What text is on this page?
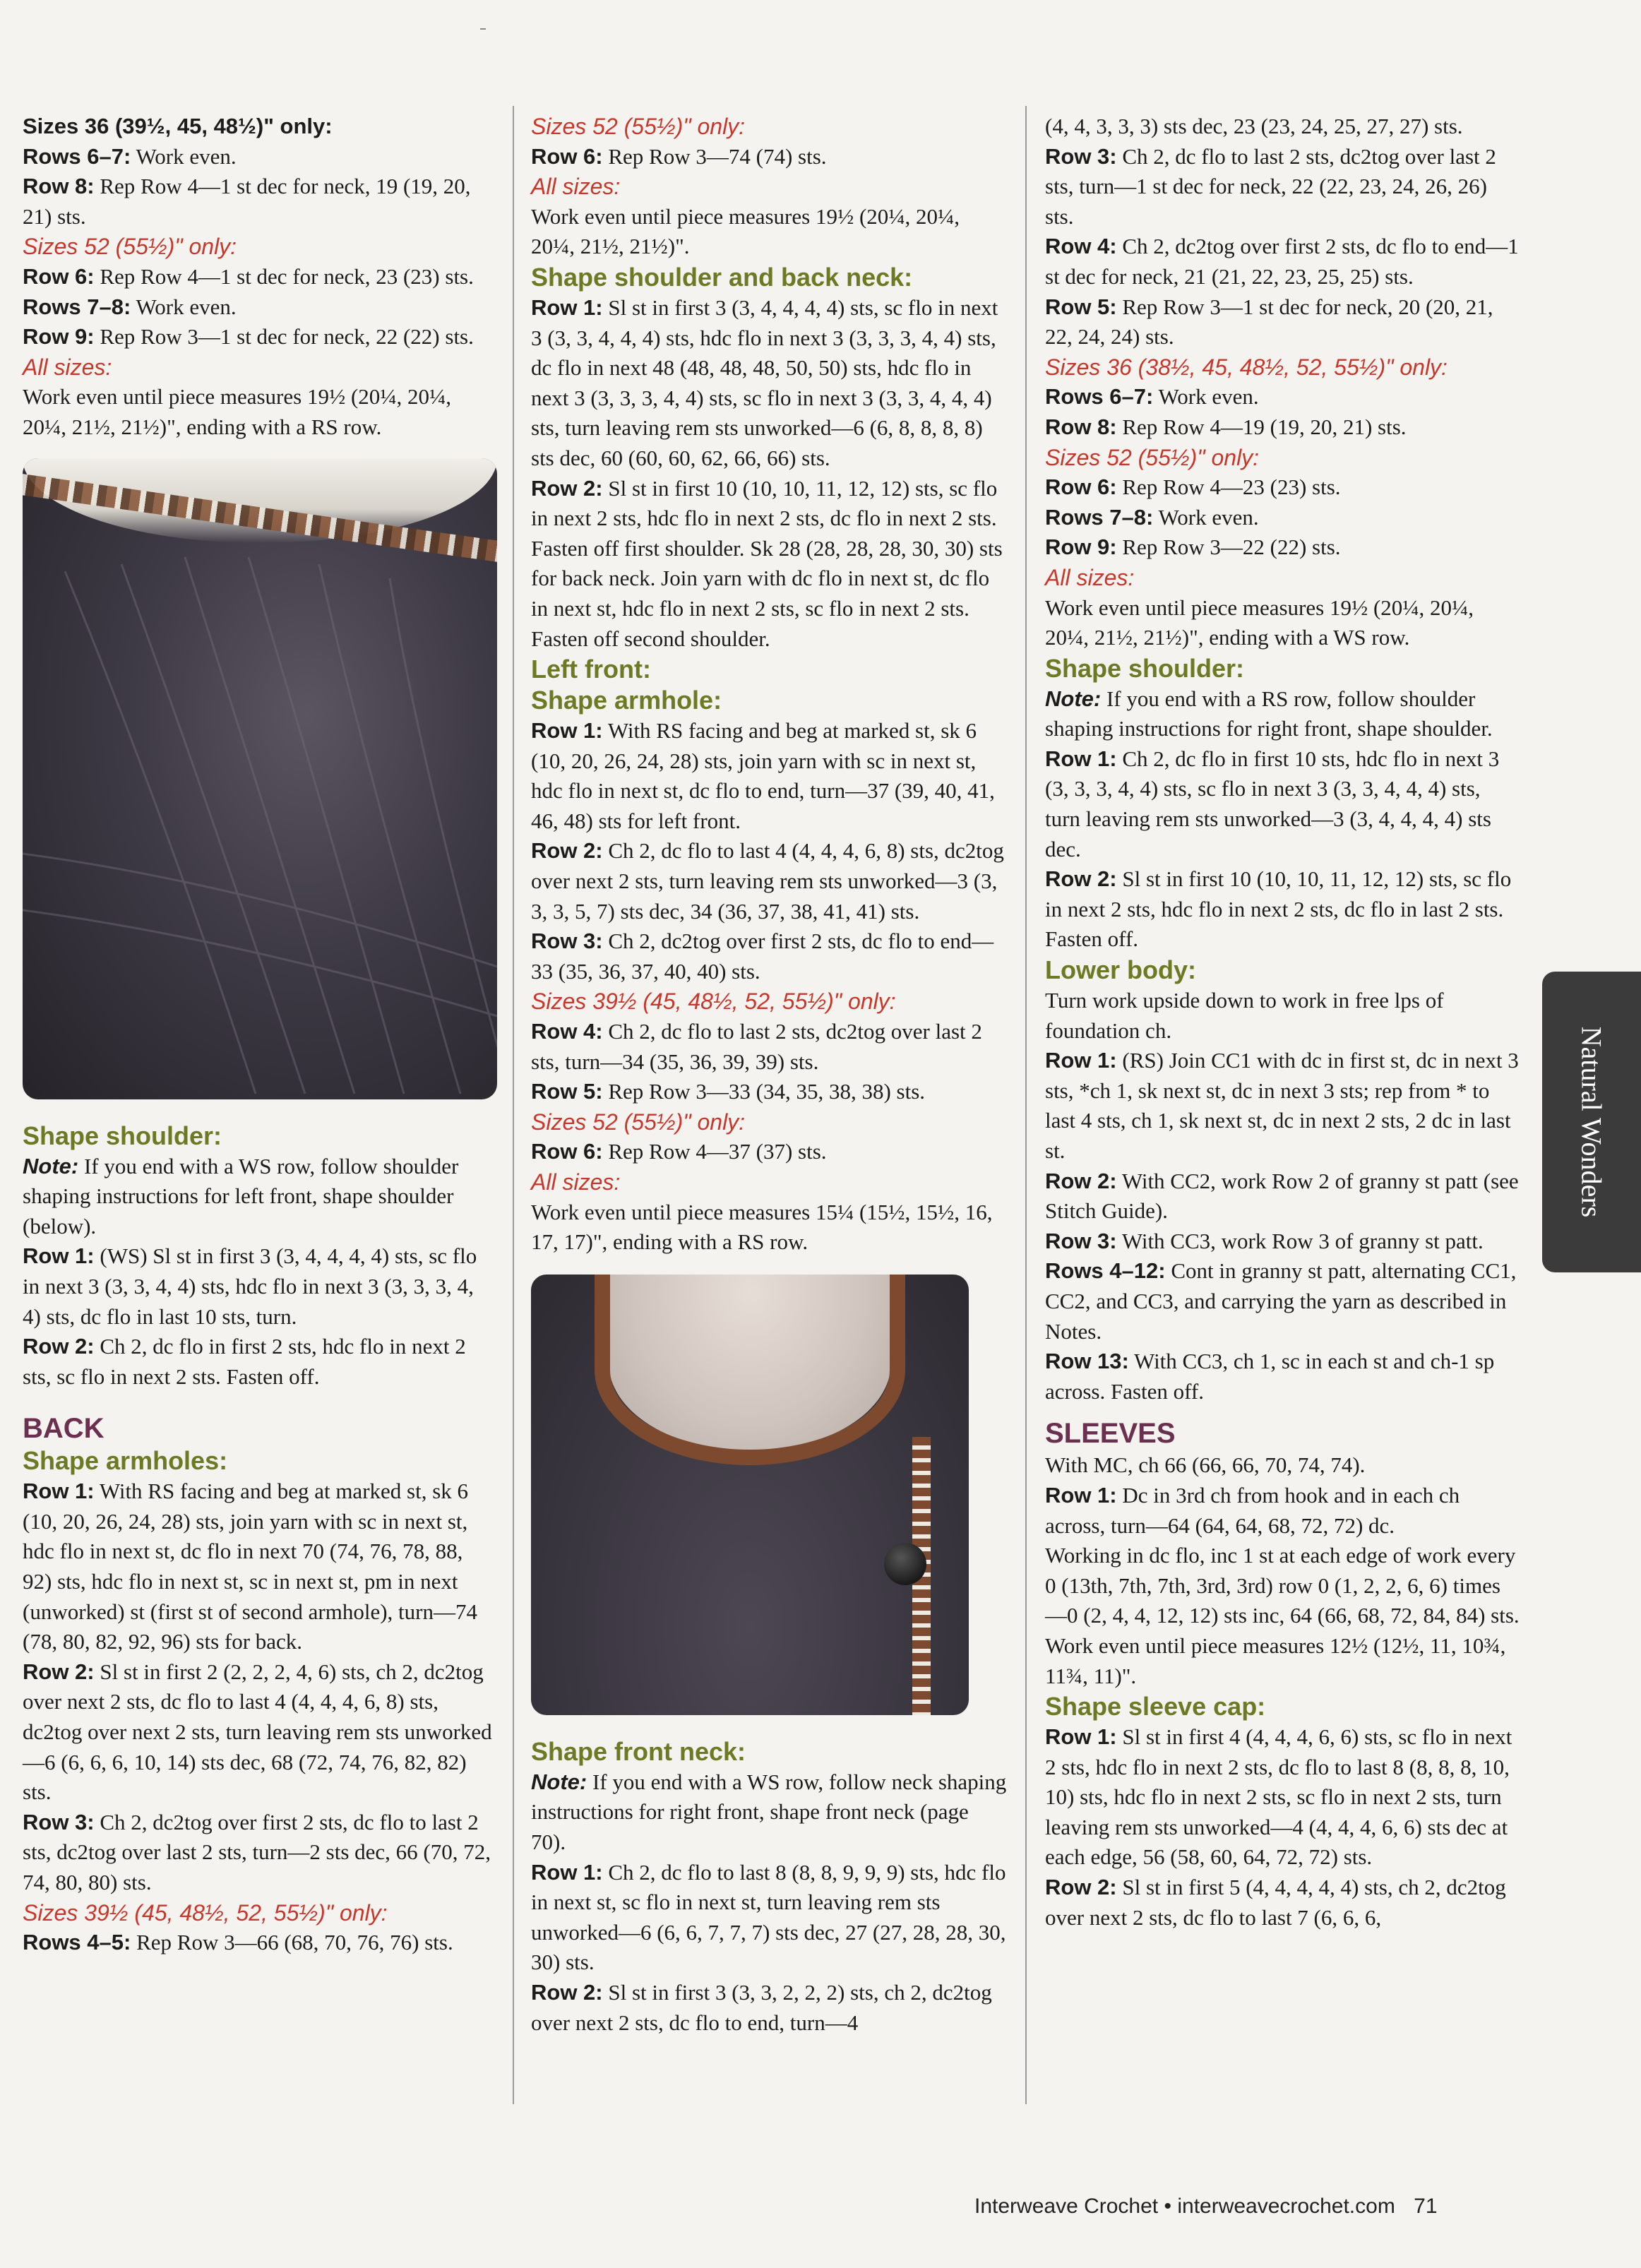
Sizes 36 (39½, 45, 48½)" only:

Rows 6–7: Work even.

Row 8: Rep Row 4—1 st dec for neck, 19 (19, 20, 21) sts.

Sizes 52 (55½)" only:

Row 6: Rep Row 4—1 st dec for neck, 23 (23) sts.

Rows 7–8: Work even.

Row 9: Rep Row 3—1 st dec for neck, 22 (22) sts.

All sizes:

Work even until piece measures 19½ (20¼, 20¼, 20¼, 21½, 21½)", ending with a RS row.

Shape shoulder:

Note: If you end with a WS row, follow shoulder shaping instructions for left front, shape shoulder (below).

Row 1: (WS) Sl st in first 3 (3, 4, 4, 4, 4) sts, sc flo in next 3 (3, 3, 4, 4) sts, hdc flo in next 3 (3, 3, 3, 4, 4) sts, dc flo in last 10 sts, turn.

Row 2: Ch 2, dc flo in first 2 sts, hdc flo in next 2 sts, sc flo in next 2 sts. Fasten off.

BACK

Shape armholes:

Row 1: With RS facing and beg at marked st, sk 6 (10, 20, 26, 24, 28) sts, join yarn with sc in next st, hdc flo in next st, dc flo in next 70 (74, 76, 78, 88, 92) sts, hdc flo in next st, sc in next st, pm in next (unworked) st (first st of second armhole), turn—74 (78, 80, 82, 92, 96) sts for back.

Row 2: Sl st in first 2 (2, 2, 2, 4, 6) sts, ch 2, dc2tog over next 2 sts, dc flo to last 4 (4, 4, 4, 6, 8) sts, dc2tog over next 2 sts, turn leaving rem sts unworked—6 (6, 6, 6, 10, 14) sts dec, 68 (72, 74, 76, 82, 82) sts.

Row 3: Ch 2, dc2tog over first 2 sts, dc flo to last 2 sts, dc2tog over last 2 sts, turn—2 sts dec, 66 (70, 72, 74, 80, 80) sts.

Sizes 39½ (45, 48½, 52, 55½)" only:

Rows 4–5: Rep Row 3—66 (68, 70, 76, 76) sts.

Sizes 52 (55½)" only:

Row 6: Rep Row 3—74 (74) sts.

All sizes:

Work even until piece measures 19½ (20¼, 20¼, 20¼, 21½, 21½)".

Shape shoulder and back neck:

Row 1: Sl st in first 3 (3, 4, 4, 4, 4) sts, sc flo in next 3 (3, 3, 4, 4, 4) sts, hdc flo in next 3 (3, 3, 3, 4, 4) sts, dc flo in next 48 (48, 48, 48, 50, 50) sts, hdc flo in next 3 (3, 3, 3, 4, 4) sts, sc flo in next 3 (3, 3, 4, 4, 4) sts, turn leaving rem sts unworked—6 (6, 8, 8, 8, 8) sts dec, 60 (60, 60, 62, 66, 66) sts.

Row 2: Sl st in first 10 (10, 10, 11, 12, 12) sts, sc flo in next 2 sts, hdc flo in next 2 sts, dc flo in next 2 sts. Fasten off first shoulder. Sk 28 (28, 28, 28, 30, 30) sts for back neck. Join yarn with dc flo in next st, dc flo in next st, hdc flo in next 2 sts, sc flo in next 2 sts. Fasten off second shoulder.

Left front:

Shape armhole:

Row 1: With RS facing and beg at marked st, sk 6 (10, 20, 26, 24, 28) sts, join yarn with sc in next st, hdc flo in next st, dc flo to end, turn—37 (39, 40, 41, 46, 48) sts for left front.

Row 2: Ch 2, dc flo to last 4 (4, 4, 4, 6, 8) sts, dc2tog over next 2 sts, turn leaving rem sts unworked—3 (3, 3, 3, 5, 7) sts dec, 34 (36, 37, 38, 41, 41) sts.

Row 3: Ch 2, dc2tog over first 2 sts, dc flo to end—33 (35, 36, 37, 40, 40) sts.

Sizes 39½ (45, 48½, 52, 55½)" only:

Row 4: Ch 2, dc flo to last 2 sts, dc2tog over last 2 sts, turn—34 (35, 36, 39, 39) sts.

Row 5: Rep Row 3—33 (34, 35, 38, 38) sts.

Sizes 52 (55½)" only:

Row 6: Rep Row 4—37 (37) sts.

All sizes:

Work even until piece measures 15¼ (15½, 15½, 16, 17, 17)", ending with a RS row.

Shape front neck:

Note: If you end with a WS row, follow neck shaping instructions for right front, shape front neck (page 70).

Row 1: Ch 2, dc flo to last 8 (8, 8, 9, 9, 9) sts, hdc flo in next st, sc flo in next st, turn leaving rem sts unworked—6 (6, 6, 7, 7, 7) sts dec, 27 (27, 28, 28, 30, 30) sts.

Row 2: Sl st in first 3 (3, 3, 2, 2, 2) sts, ch 2, dc2tog over next 2 sts, dc flo to end, turn—4

(4, 4, 3, 3, 3) sts dec, 23 (23, 24, 25, 27, 27) sts.

Row 3: Ch 2, dc flo to last 2 sts, dc2tog over last 2 sts, turn—1 st dec for neck, 22 (22, 23, 24, 26, 26) sts.

Row 4: Ch 2, dc2tog over first 2 sts, dc flo to end—1 st dec for neck, 21 (21, 22, 23, 25, 25) sts.

Row 5: Rep Row 3—1 st dec for neck, 20 (20, 21, 22, 24, 24) sts.

Sizes 36 (38½, 45, 48½, 52, 55½)" only:

Rows 6–7: Work even.

Row 8: Rep Row 4—19 (19, 20, 21) sts.

Sizes 52 (55½)" only:

Row 6: Rep Row 4—23 (23) sts.

Rows 7–8: Work even.

Row 9: Rep Row 3—22 (22) sts.

All sizes:

Work even until piece measures 19½ (20¼, 20¼, 20¼, 21½, 21½)", ending with a WS row.

Shape shoulder:

Note: If you end with a RS row, follow shoulder shaping instructions for right front, shape shoulder.

Row 1: Ch 2, dc flo in first 10 sts, hdc flo in next 3 (3, 3, 3, 4, 4) sts, sc flo in next 3 (3, 3, 4, 4, 4) sts, turn leaving rem sts unworked—3 (3, 4, 4, 4, 4) sts dec.

Row 2: Sl st in first 10 (10, 10, 11, 12, 12) sts, sc flo in next 2 sts, hdc flo in next 2 sts, dc flo in last 2 sts. Fasten off.

Lower body:

Turn work upside down to work in free lps of foundation ch.

Row 1: (RS) Join CC1 with dc in first st, dc in next 3 sts, *ch 1, sk next st, dc in next 3 sts; rep from * to last 4 sts, ch 1, sk next st, dc in next 2 sts, 2 dc in last st.

Row 2: With CC2, work Row 2 of granny st patt (see Stitch Guide).

Row 3: With CC3, work Row 3 of granny st patt.

Rows 4–12: Cont in granny st patt, alternating CC1, CC2, and CC3, and carrying the yarn as described in Notes.

Row 13: With CC3, ch 1, sc in each st and ch-1 sp across. Fasten off.

SLEEVES

With MC, ch 66 (66, 66, 70, 74, 74).

Row 1: Dc in 3rd ch from hook and in each ch across, turn—64 (64, 64, 68, 72, 72) dc.

Working in dc flo, inc 1 st at each edge of work every 0 (13th, 7th, 7th, 3rd, 3rd) row 0 (1, 2, 2, 6, 6) times—0 (2, 4, 4, 12, 12) sts inc, 64 (66, 68, 72, 84, 84) sts.

Work even until piece measures 12½ (12½, 11, 10¾, 11¾, 11)".

Shape sleeve cap:

Row 1: Sl st in first 4 (4, 4, 4, 6, 6) sts, sc flo in next 2 sts, hdc flo in next 2 sts, dc flo to last 8 (8, 8, 8, 10, 10) sts, hdc flo in next 2 sts, sc flo in next 2 sts, turn leaving rem sts unworked—4 (4, 4, 4, 6, 6) sts dec at each edge, 56 (58, 60, 64, 72, 72) sts.

Row 2: Sl st in first 5 (4, 4, 4, 4, 4) sts, ch 2, dc2tog over next 2 sts, dc flo to last 7 (6, 6, 6,

Natural Wonders
Interweave Crochet • interweavecrochet.com 71
